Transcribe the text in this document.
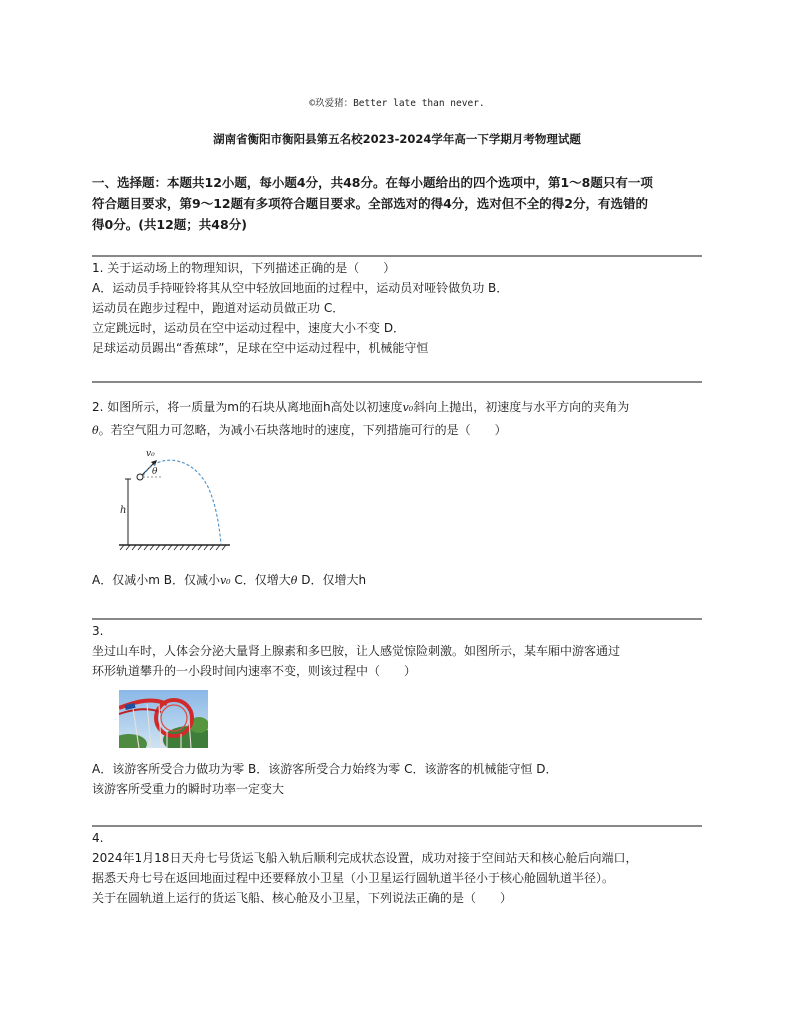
©玖爱猪：Better late than never.
湖南省衡阳市衡阳县第五名校2023-2024学年高一下学期月考物理试题
一、选择题：本题共12小题，每小题4分，共48分。在每小题给出的四个选项中，第1～8题只有一项
符合题目要求，第9～12题有多项符合题目要求。全部选对的得4分，选对但不全的得2分，有选错的
得0分。(共12题；共48分)

1. 关于运动场上的物理知识，下列描述正确的是（　　）

A．运动员手持哑铃将其从空中轻放回地面的过程中，运动员对哑铃做负功 B．

运动员在跑步过程中，跑道对运动员做正功 C．

立定跳远时，运动员在空中运动过程中，速度大小不变 D．

足球运动员踢出“香蕉球”，足球在空中运动过程中，机械能守恒

2. 如图所示，将一质量为m的石块从离地面h高处以初速度v₀斜向上抛出，初速度与水平方向的夹角为

θ。若空气阻力可忽略，为减小石块落地时的速度，下列措施可行的是（　　）

v₀
θ
h

A．仅减小m B．仅减小v₀ C．仅增大θ D．仅增大h

3.

坐过山车时，人体会分泌大量肾上腺素和多巴胺，让人感觉惊险刺激。如图所示，某车厢中游客通过

环形轨道攀升的一小段时间内速率不变，则该过程中（　　）

A．该游客所受合力做功为零 B．该游客所受合力始终为零 C．该游客的机械能守恒 D．

该游客所受重力的瞬时功率一定变大

4.

2024年1月18日天舟七号货运飞船入轨后顺利完成状态设置，成功对接于空间站天和核心舱后向端口，

据悉天舟七号在返回地面过程中还要释放小卫星（小卫星运行圆轨道半径小于核心舱圆轨道半径）。

关于在圆轨道上运行的货运飞船、核心舱及小卫星，下列说法正确的是（　　）
